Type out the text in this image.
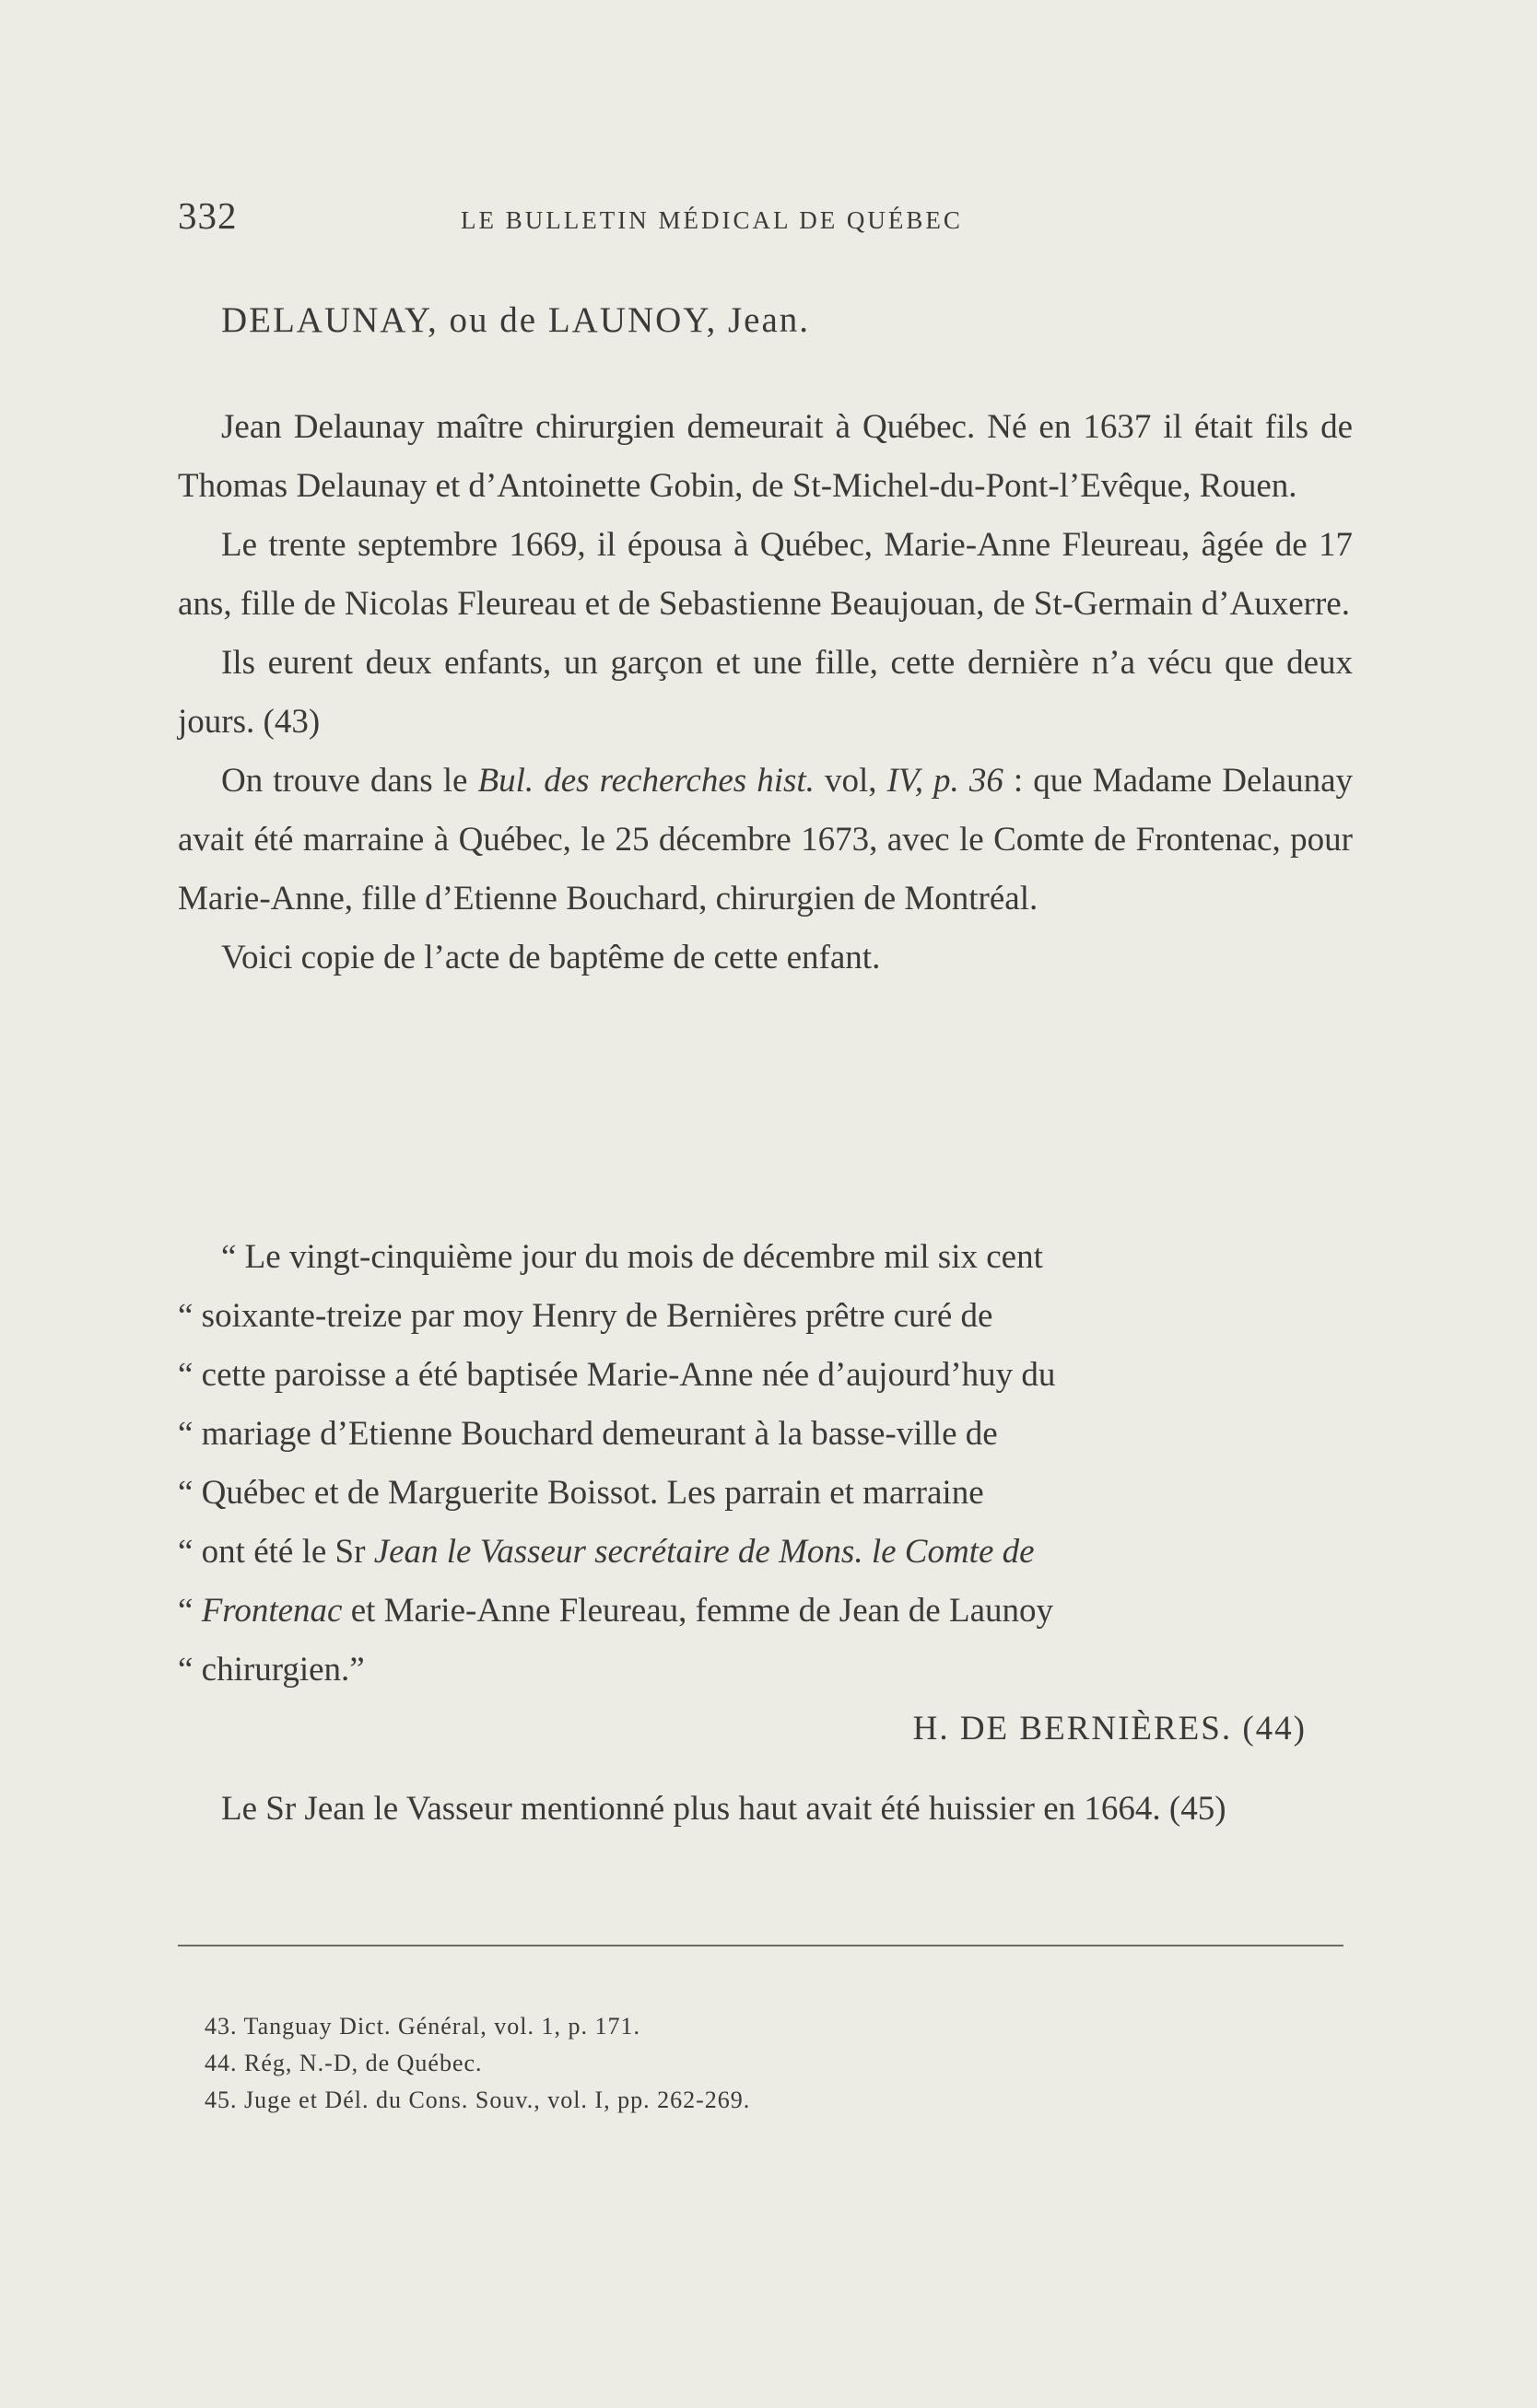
332	LE BULLETIN MÉDICAL DE QUÉBEC
DELAUNAY, ou de LAUNOY, Jean.

Jean Delaunay maître chirurgien demeurait à Québec. Né en 1637 il était fils de Thomas Delaunay et d’Antoinette Gobin, de St-Michel-du-Pont-l’Evêque, Rouen.

Le trente septembre 1669, il épousa à Québec, Marie-Anne Fleureau, âgée de 17 ans, fille de Nicolas Fleureau et de Sebastienne Beaujouan, de St-Germain d’Auxerre.

Ils eurent deux enfants, un garçon et une fille, cette dernière n’a vécu que deux jours. (43)

On trouve dans le Bul. des recherches hist. vol, IV, p. 36 : que Madame Delaunay avait été marraine à Québec, le 25 décembre 1673, avec le Comte de Frontenac, pour Marie-Anne, fille d’Etienne Bouchard, chirurgien de Montréal.

Voici copie de l’acte de baptême de cette enfant.

“ Le vingt-cinquième jour du mois de décembre mil six cent
“ soixante-treize par moy Henry de Bernières prêtre curé de
“ cette paroisse a été baptisée Marie-Anne née d’aujourd’huy du
“ mariage d’Etienne Bouchard demeurant à la basse-ville de
“ Québec et de Marguerite Boissot. Les parrain et marraine
“ ont été le Sr Jean le Vasseur secrétaire de Mons. le Comte de
“ Frontenac et Marie-Anne Fleureau, femme de Jean de Launoy
“ chirurgien.”
H. DE BERNIÈRES. (44)

Le Sr Jean le Vasseur mentionné plus haut avait été huissier en 1664. (45)

43. Tanguay Dict. Général, vol. 1, p. 171.
44. Rég, N.-D, de Québec.
45. Juge et Dél. du Cons. Souv., vol. I, pp. 262-269.
